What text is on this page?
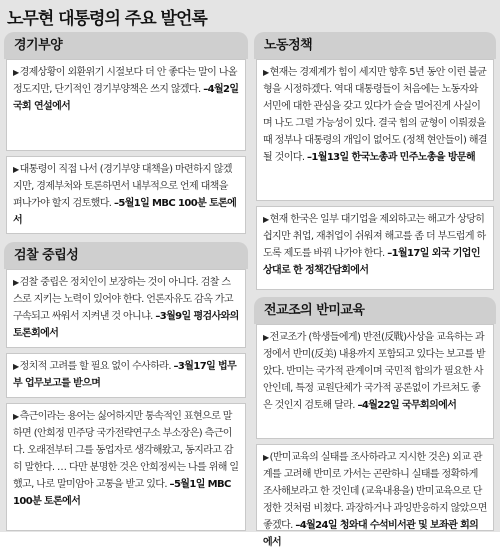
노무현 대통령의 주요 발언록
경기부양
▶경제상황이 외환위기 시절보다 더 안 좋다는 말이 나올 정도지만, 단기적인 경기부양책은 쓰지 않겠다. –4월2일 국회 연설에서
▶대통령이 직접 나서 (경기부양 대책을) 마련하지 않겠지만, 경제부처와 토론하면서 내부적으로 언제 대책을 펴나가야 할지 검토했다. –5월1일 MBC 100분 토론에서
검찰 중립성
▶검찰 중립은 정치인이 보장하는 것이 아니다. 검찰 스스로 지키는 노력이 있어야 한다. 언론자유도 감옥 가고 구속되고 싸워서 지켜낸 것 아니냐. –3월9일 평검사와의 토론회에서
▶정치적 고려를 할 필요 없이 수사하라. –3월17일 법무부 업무보고를 받으며
▶측근이라는 용어는 싫어하지만 통속적인 표현으로 말하면 (안희정 민주당 국가전략연구소 부소장은) 측근이다. 오래전부터 그를 동업자로 생각해왔고, 동지라고 감히 말한다. … 다만 분명한 것은 안희정씨는 나를 위해 일했고, 나로 말미암아 고통을 받고 있다. –5월1일 MBC 100분 토론에서
노동정책
▶현재는 경제계가 힘이 세지만 향후 5년 동안 이런 불균형을 시정하겠다. 역대 대통령들이 처음에는 노동자와 서민에 대한 관심을 갖고 있다가 슬슬 멀어진게 사실이며 나도 그럴 가능성이 있다. 결국 힘의 균형이 이뤄졌을 때 정부나 대통령의 개입이 없어도 (정책 현안들이) 해결될 것이다. –1월13일 한국노총과 민주노총을 방문해
▶현재 한국은 일부 대기업을 제외하고는 해고가 상당히 쉽지만 취업, 재취업이 쉬워져 해고를 좀 더 부드럽게 하도록 제도를 바꿔 나가야 한다. –1월17일 외국 기업인 상대로 한 정책간담회에서
전교조의 반미교육
▶전교조가 (학생들에게) 반전(反戰)사상을 교육하는 과정에서 반미(反美) 내용까지 포함되고 있다는 보고를 받았다. 반미는 국가적 관계이며 국민적 합의가 필요한 사안인데, 특정 교원단체가 국가적 공론없이 가르쳐도 좋은 것인지 검토해 달라. –4월22일 국무회의에서
▶(반미교육의 실태를 조사하라고 지시한 것은) 외교 관계를 고려해 반미로 가서는 곤란하니 실태를 정확하게 조사해보라고 한 것인데 (교육내용을) 반미교육으로 단정한 것처럼 비쳤다. 과장하거나 과잉반응하지 않았으면 좋겠다. –4월24일 청와대 수석비서관 및 보좌관 회의에서
